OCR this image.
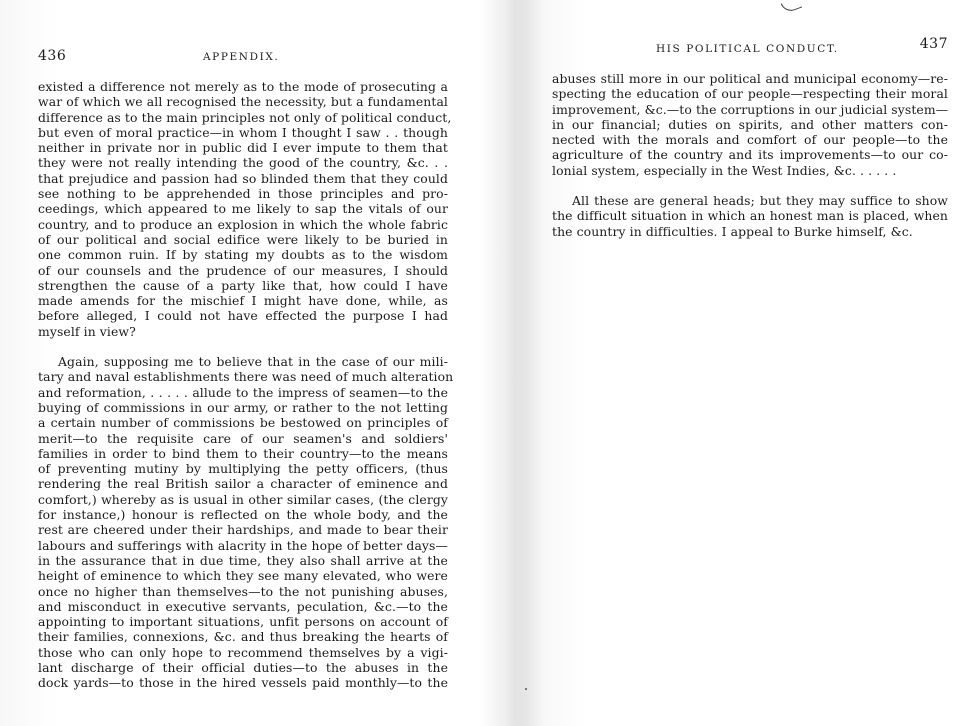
436	APPENDIX.

existed a difference not merely as to the mode of prosecuting a
war of which we all recognised the necessity, but a fundamental
difference as to the main principles not only of political conduct,
but even of moral practice—in whom I thought I saw . . though
neither in private nor in public did I ever impute to them that
they were not really intending the good of the country, &c. . .
that prejudice and passion had so blinded them that they could
see nothing to be apprehended in those principles and pro-
ceedings, which appeared to me likely to sap the vitals of our
country, and to produce an explosion in which the whole fabric
of our political and social edifice were likely to be buried in
one common ruin. If by stating my doubts as to the wisdom
of our counsels and the prudence of our measures, I should
strengthen the cause of a party like that, how could I have
made amends for the mischief I might have done, while, as
before alleged, I could not have effected the purpose I had
myself in view?

Again, supposing me to believe that in the case of our mili-
tary and naval establishments there was need of much alteration
and reformation, . . . . . allude to the impress of seamen—to the
buying of commissions in our army, or rather to the not letting
a certain number of commissions be bestowed on principles of
merit—to the requisite care of our seamen's and soldiers'
families in order to bind them to their country—to the means
of preventing mutiny by multiplying the petty officers, (thus
rendering the real British sailor a character of eminence and
comfort,) whereby as is usual in other similar cases, (the clergy
for instance,) honour is reflected on the whole body, and the
rest are cheered under their hardships, and made to bear their
labours and sufferings with alacrity in the hope of better days—
in the assurance that in due time, they also shall arrive at the
height of eminence to which they see many elevated, who were
once no higher than themselves—to the not punishing abuses,
and misconduct in executive servants, peculation, &c.—to the
appointing to important situations, unfit persons on account of
their families, connexions, &c. and thus breaking the hearts of
those who can only hope to recommend themselves by a vigi-
lant discharge of their official duties—to the abuses in the
dock yards—to those in the hired vessels paid monthly—to the

HIS POLITICAL CONDUCT.	437

abuses still more in our political and municipal economy—re-
specting the education of our people—respecting their moral
improvement, &c.—to the corruptions in our judicial system—
in our financial; duties on spirits, and other matters con-
nected with the morals and comfort of our people—to the
agriculture of the country and its improvements—to our co-
lonial system, especially in the West Indies, &c. . . . . .

All these are general heads; but they may suffice to show
the difficult situation in which an honest man is placed, when
the country in difficulties. I appeal to Burke himself, &c.
